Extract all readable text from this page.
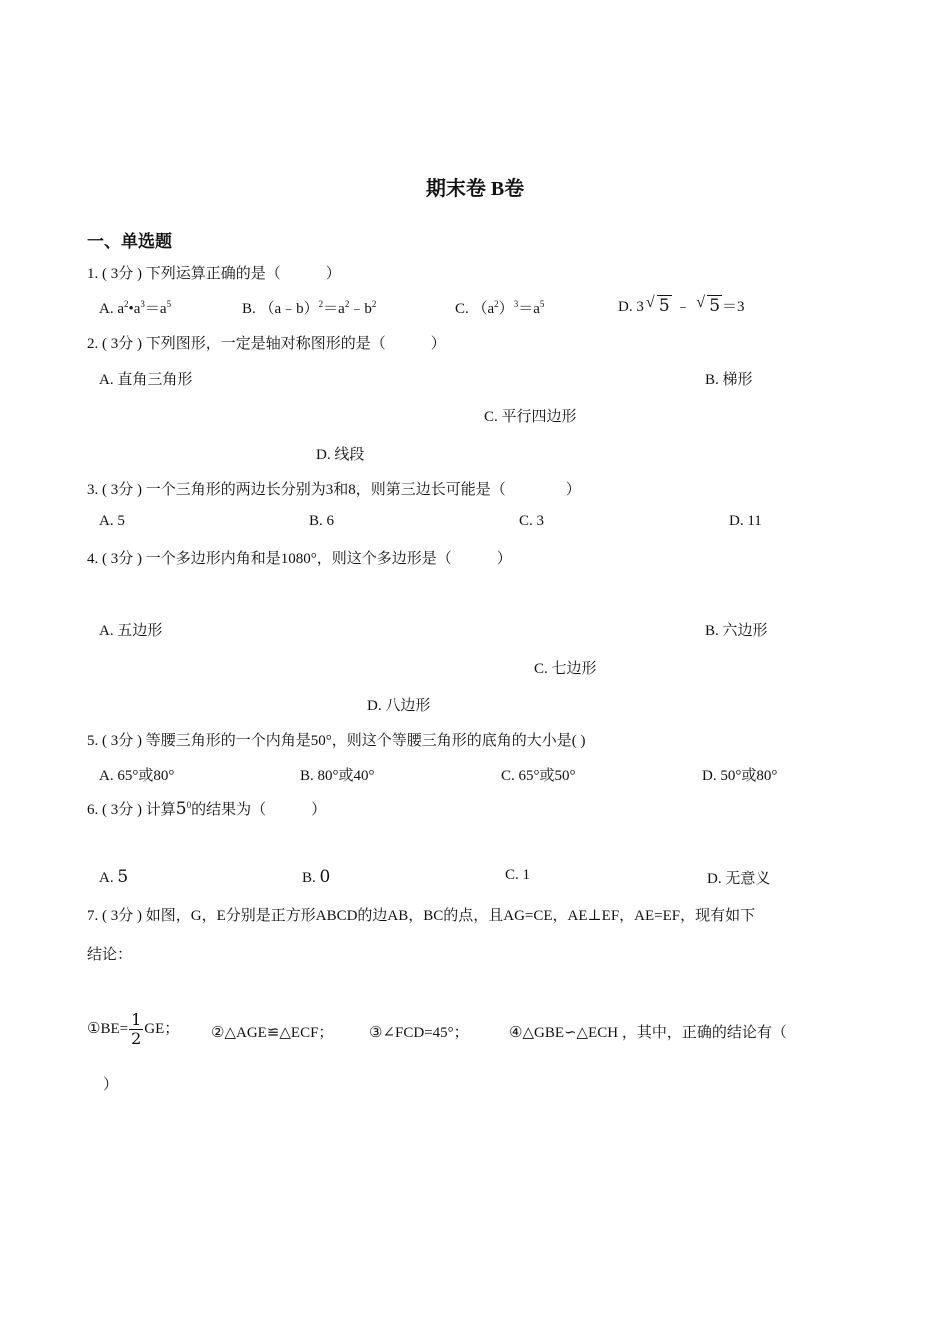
期末卷 B卷
一、单选题
1. ( 3分 ) 下列运算正确的是（　　　）
A. $a^2•a^3=a^5$	B. $(a﹣b)^2=a^2﹣b^2$	C. $(a^2)^3=a^5$	D. 3 √ 5 ﹣ √ 5 ＝3
2. ( 3分 ) 下列图形，一定是轴对称图形的是（　　　）
A. 直角三角形	B. 梯形
C. 平行四边形
D. 线段
3. ( 3分 ) 一个三角形的两边长分别为3和8，则第三边长可能是（　　　　）
A. 5	B. 6	C. 3	D. 11
4. ( 3分 ) 一个多边形内角和是1080°，则这个多边形是（　　　）
A. 五边形	B. 六边形
C. 七边形
D. 八边形
5. ( 3分 ) 等腰三角形的一个内角是50°，则这个等腰三角形的底角的大小是( )
A. 65°或80°	B. 80°或40°	C. 65°或50°	D. 50°或80°
6. ( 3分 ) 计算$5^0$的结果为（　　　）
A. 5	B. 0	C. 1	D. 无意义
7. ( 3分 ) 如图，G，E分别是正方形ABCD的边AB，BC的点，且AG=CE，AE⊥EF，AE=EF，现有如下
结论：
①BE= $\frac{1}{2}$ GE； ②△AGE≌△ECF； ③∠FCD=45°；	④△GBE∽△ECH ，其中，正确的结论有（
）
